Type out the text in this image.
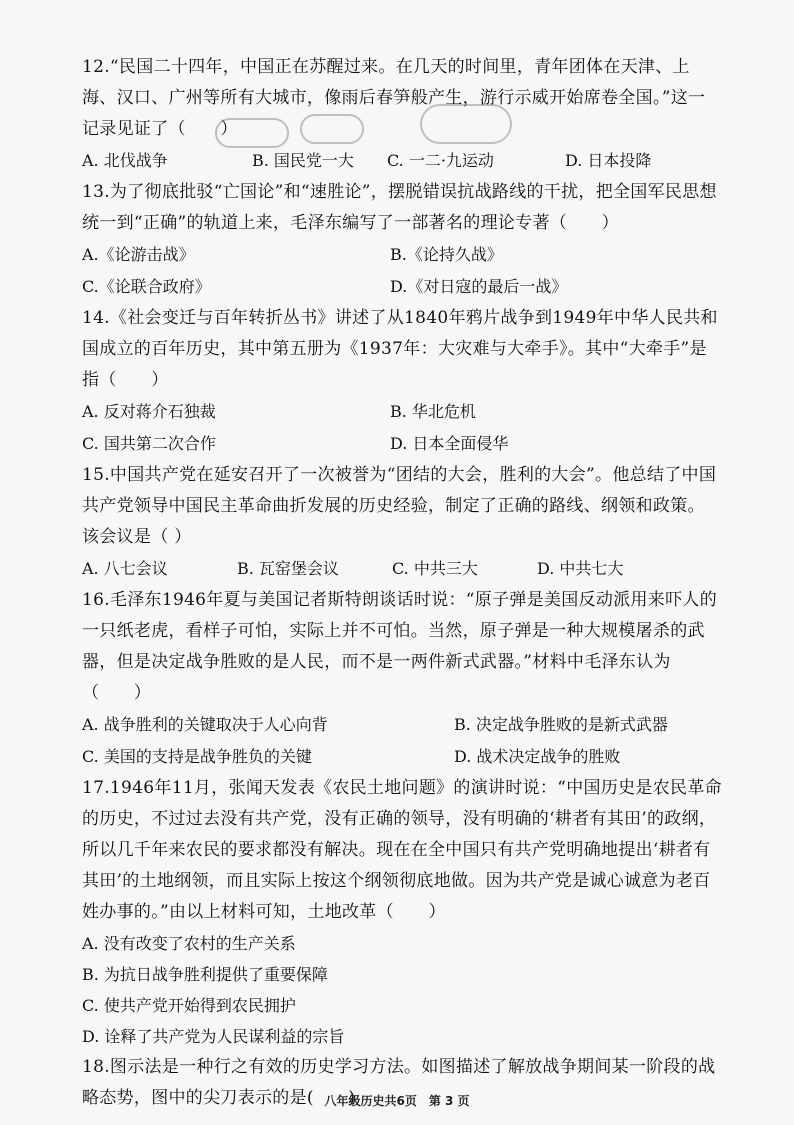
12.“民国二十四年，中国正在苏醒过来。在几天的时间里，青年团体在天津、上海、汉口、广州等所有大城市，像雨后春笋般产生，游行示威开始席卷全国。”这一记录见证了（　　）

A. 北伐战争	B. 国民党一大	C. 一二·九运动	D. 日本投降

13.为了彻底批驳“亡国论”和“速胜论”，摆脱错误抗战路线的干扰，把全国军民思想统一到“正确”的轨道上来，毛泽东编写了一部著名的理论专著（　　）

A.《论游击战》	B.《论持久战》
C.《论联合政府》	D.《对日寇的最后一战》

14.《社会变迁与百年转折丛书》讲述了从1840年鸦片战争到1949年中华人民共和国成立的百年历史，其中第五册为《1937年：大灾难与大牵手》。其中“大牵手”是指（　　）

A. 反对蒋介石独裁	B. 华北危机
C. 国共第二次合作	D. 日本全面侵华

15.中国共产党在延安召开了一次被誉为“团结的大会，胜利的大会”。他总结了中国共产党领导中国民主革命曲折发展的历史经验，制定了正确的路线、纲领和政策。该会议是（ ）

A. 八七会议	B. 瓦窑堡会议	C. 中共三大	D. 中共七大

16.毛泽东1946年夏与美国记者斯特朗谈话时说：“原子弹是美国反动派用来吓人的一只纸老虎，看样子可怕，实际上并不可怕。当然，原子弹是一种大规模屠杀的武器，但是决定战争胜败的是人民，而不是一两件新式武器。”材料中毛泽东认为（　　）

A. 战争胜利的关键取决于人心向背	B. 决定战争胜败的是新式武器
C. 美国的支持是战争胜负的关键	D. 战术决定战争的胜败

17.1946年11月，张闻天发表《农民土地问题》的演讲时说：“中国历史是农民革命的历史，不过过去没有共产党，没有正确的领导，没有明确的‘耕者有其田’的政纲，所以几千年来农民的要求都没有解决。现在在全中国只有共产党明确地提出‘耕者有其田’的土地纲领，而且实际上按这个纲领彻底地做。因为共产党是诚心诚意为老百姓办事的。”由以上材料可知，土地改革（　　）

A. 没有改变了农村的生产关系

B. 为抗日战争胜利提供了重要保障

C. 使共产党开始得到农民拥护

D. 诠释了共产党为人民谋利益的宗旨

18.图示法是一种行之有效的历史学习方法。如图描述了解放战争期间某一阶段的战略态势，图中的尖刀表示的是(　　)

八年级历史共6页　第 3 页
